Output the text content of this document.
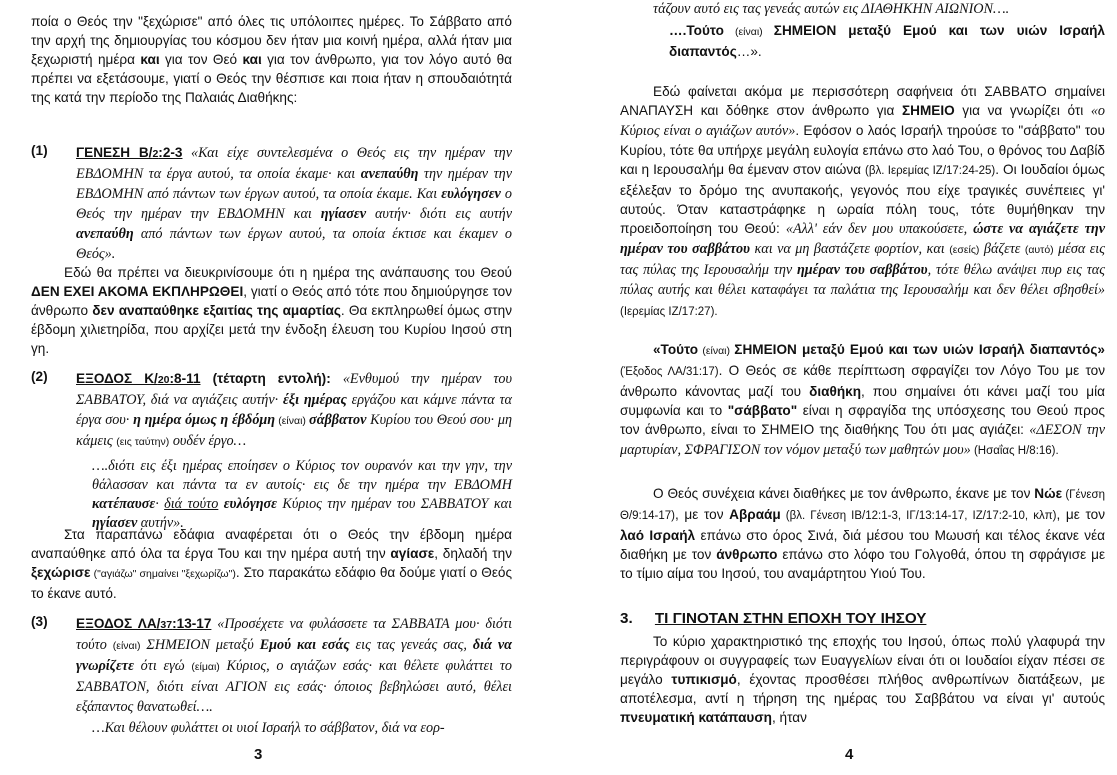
ποία ο Θεός την "ξεχώρισε" από όλες τις υπόλοιπες ημέρες. Το Σάββατο από την αρχή της δημιουργίας του κόσμου δεν ήταν μια κοινή ημέρα, αλλά ήταν μια ξεχωριστή ημέρα και για τον Θεό και για τον άνθρωπο, για τον λόγο αυτό θα πρέπει να εξετάσουμε, γιατί ο Θεός την θέσπισε και ποια ήταν η σπουδαιότητά της κατά την περίοδο της Παλαιάς Διαθήκης:

(1) ΓΕΝΕΣΗ Β/2:2-3 «Και είχε συντελεσμένα ο Θεός εις την ημέραν την ΕΒΔΟΜΗΝ τα έργα αυτού, τα οποία έκαμε· και ανεπαύθη την ημέραν την ΕΒΔΟΜΗΝ από πάντων των έργων αυτού, τα οποία έκαμε. Και ευλόγησεν ο Θεός την ημέραν την ΕΒΔΟΜΗΝ και ηγίασεν αυτήν· διότι εις αυτήν ανεπαύθη από πάντων των έργων αυτού, τα οποία έκτισε και έκαμεν ο Θεός».

Εδώ θα πρέπει να διευκρινίσουμε ότι η ημέρα της ανάπαυσης του Θεού ΔΕΝ ΕΧΕΙ ΑΚΟΜΑ ΕΚΠΛΗΡΩΘΕΙ, γιατί ο Θεός από τότε που δημιούργησε τον άνθρωπο δεν αναπαύθηκε εξαιτίας της αμαρτίας. Θα εκπληρωθεί όμως στην έβδομη χιλιετηρίδα, που αρχίζει μετά την ένδοξη έλευση του Κυρίου Ιησού στη γη.

(2) ΕΞΟΔΟΣ Κ/20:8-11 (τέταρτη εντολή): «Ενθυμού την ημέραν του ΣΑΒΒΑΤΟΥ, διά να αγιάζεις αυτήν· έξι ημέρας εργάζου και κάμνε πάντα τα έργα σου· η ημέρα όμως η έβδόμη (είναι) σάββατον Κυρίου του Θεού σου· μη κάμεις (εις ταύτην) ουδέν έργο…

….διότι εις έξι ημέρας εποίησεν ο Κύριος τον ουρανόν και την γην, την θάλασσαν και πάντα τα εν αυτοίς· εις δε την ημέρα την ΕΒΔΟΜΗ κατέπαυσε· διά τούτο ευλόγησε Κύριος την ημέραν του ΣΑΒΒΑΤΟΥ και ηγίασεν αυτήν».

Στα παραπάνω εδάφια αναφέρεται ότι ο Θεός την έβδομη ημέρα αναπαύθηκε από όλα τα έργα Του και την ημέρα αυτή την αγίασε, δηλαδή την ξεχώρισε ("αγιάζω" σημαίνει "ξεχωρίζω"). Στο παρακάτω εδάφιο θα δούμε γιατί ο Θεός το έκανε αυτό.

(3) ΕΞΟΔΟΣ ΛΑ/37:13-17 «Προσέχετε να φυλάσσετε τα ΣΑΒΒΑΤΑ μου· διότι τούτο (είναι) ΣΗΜΕΙΟΝ μεταξύ Εμού και εσάς εις τας γενεάς σας, διά να γνωρίζετε ότι εγώ (είμαι) Κύριος, ο αγιάζων εσάς· και θέλετε φυλάττει το ΣΑΒΒΑΤΟΝ, διότι είναι ΑΓΙΟΝ εις εσάς· όποιος βεβηλώσει αυτό, θέλει εξάπαντος θανατωθεί….

…Και θέλουν φυλάττει οι υιοί Ισραήλ το σάββατον, διά να εορ-

3

τάζουν αυτό εις τας γενεάς αυτών εις ΔΙΑΘΗΚΗΝ ΑΙΩΝΙΟΝ….

….Τούτο (είναι) ΣΗΜΕΙΟΝ μεταξύ Εμού και των υιών Ισραήλ διαπαντός…».

Εδώ φαίνεται ακόμα με περισσότερη σαφήνεια ότι ΣΑΒΒΑΤΟ σημαίνει ΑΝΑΠΑΥΣΗ και δόθηκε στον άνθρωπο για ΣΗΜΕΙΟ για να γνωρίζει ότι «ο Κύριος είναι ο αγιάζων αυτόν». Εφόσον ο λαός Ισραήλ τηρούσε το "σάββατο" του Κυρίου, τότε θα υπήρχε μεγάλη ευλογία επάνω στο λαό Του, ο θρόνος του Δαβίδ και η Ιερουσαλήμ θα έμεναν στον αιώνα (βλ. Ιερεμίας ΙΖ/17:24-25). Οι Ιουδαίοι όμως εξέλεξαν το δρόμο της ανυπακοής, γεγονός που είχε τραγικές συνέπειες γι' αυτούς. Όταν καταστράφηκε η ωραία πόλη τους, τότε θυμήθηκαν την προειδοποίηση του Θεού: «Αλλ' εάν δεν μου υπακούσετε, ώστε να αγιάζετε την ημέραν του σαββάτου και να μη βαστάζετε φορτίον, και (εσείς) βάζετε (αυτό) μέσα εις τας πύλας της Ιερουσαλήμ την ημέραν του σαββάτου, τότε θέλω ανάψει πυρ εις τας πύλας αυτής και θέλει καταφάγει τα παλάτια της Ιερουσαλήμ και δεν θέλει σβησθεί» (Ιερεμίας ΙΖ/17:27).

«Τούτο (είναι) ΣΗΜΕΙΟΝ μεταξύ Εμού και των υιών Ισραήλ διαπαντός» (Έξοδος ΛΑ/31:17). Ο Θεός σε κάθε περίπτωση σφραγίζει τον Λόγο Του με τον άνθρωπο κάνοντας μαζί του διαθήκη, που σημαίνει ότι κάνει μαζί του μία συμφωνία και το "σάββατο" είναι η σφραγίδα της υπόσχεσης του Θεού προς τον άνθρωπο, είναι το ΣΗΜΕΙΟ της διαθήκης Του ότι μας αγιάζει: «ΔΕΣΟΝ την μαρτυρίαν, ΣΦΡΑΓΙΣΟΝ τον νόμον μεταξύ των μαθητών μου» (Ησαΐας Η/8:16).

Ο Θεός συνέχεια κάνει διαθήκες με τον άνθρωπο, έκανε με τον Νώε (Γένεση Θ/9:14-17), με τον Αβραάμ (βλ. Γένεση ΙΒ/12:1-3, ΙΓ/13:14-17, ΙΖ/17:2-10, κλπ), με τον λαό Ισραήλ επάνω στο όρος Σινά, διά μέσου του Μωυσή και τέλος έκανε νέα διαθήκη με τον άνθρωπο επάνω στο λόφο του Γολγοθά, όπου τη σφράγισε με το τίμιο αίμα του Ιησού, του αναμάρτητου Υιού Του.

3. ΤΙ ΓΙΝΟΤΑΝ ΣΤΗΝ ΕΠΟΧΗ ΤΟΥ ΙΗΣΟΥ

Το κύριο χαρακτηριστικό της εποχής του Ιησού, όπως πολύ γλαφυρά την περιγράφουν οι συγγραφείς των Ευαγγελίων είναι ότι οι Ιουδαίοι είχαν πέσει σε μεγάλο τυπικισμό, έχοντας προσθέσει πλήθος ανθρωπίνων διατάξεων, με αποτέλεσμα, αντί η τήρηση της ημέρας του Σαββάτου να είναι γι' αυτούς πνευματική κατάπαυση, ήταν

4
